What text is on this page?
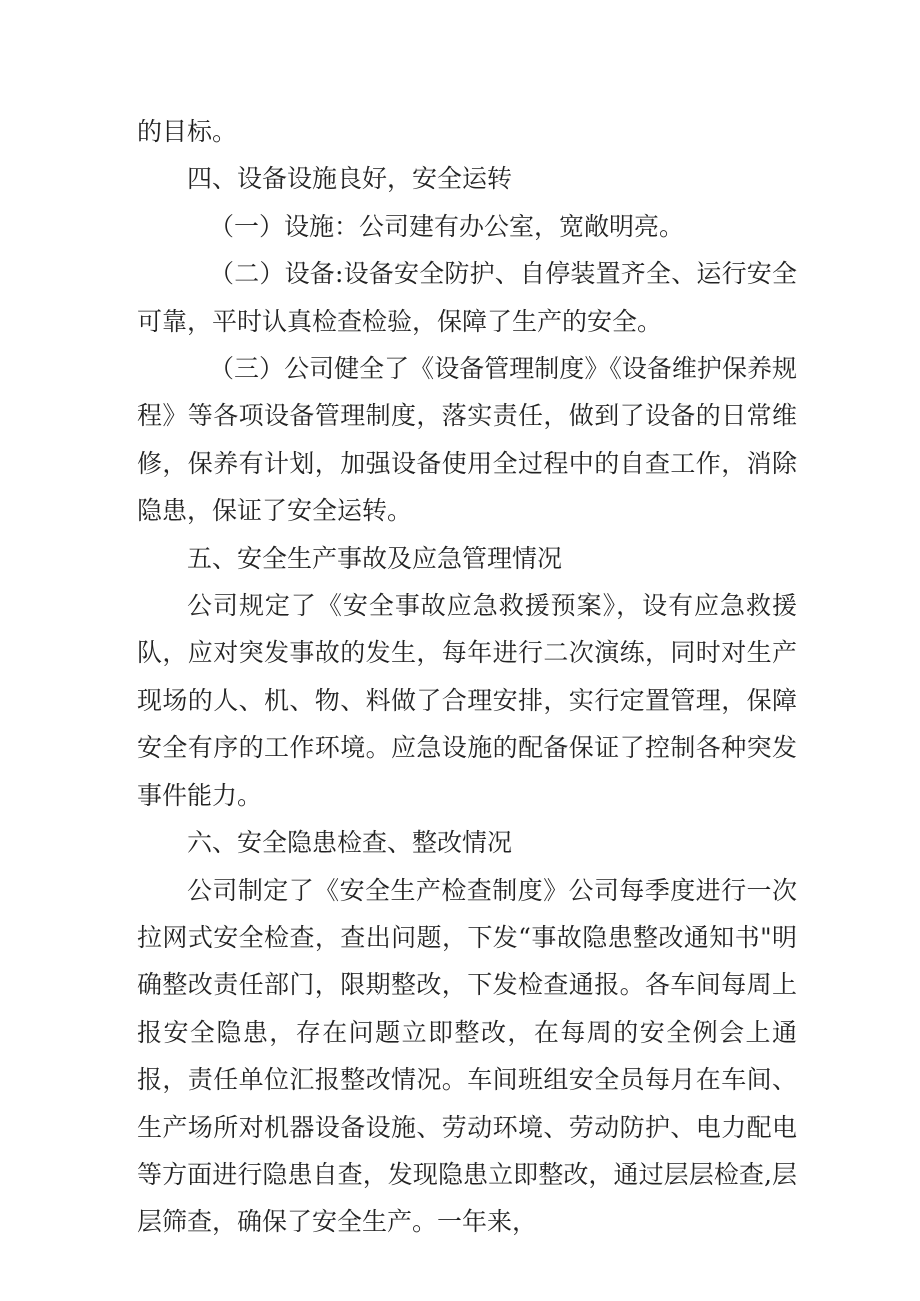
的目标。

四、设备设施良好，安全运转

（一）设施：公司建有办公室，宽敞明亮。

（二）设备:设备安全防护、自停装置齐全、运行安全可靠，平时认真检查检验，保障了生产的安全。

（三）公司健全了《设备管理制度》《设备维护保养规程》等各项设备管理制度，落实责任，做到了设备的日常维修，保养有计划，加强设备使用全过程中的自查工作，消除隐患，保证了安全运转。

五、安全生产事故及应急管理情况

公司规定了《安全事故应急救援预案》，设有应急救援队，应对突发事故的发生，每年进行二次演练，同时对生产现场的人、机、物、料做了合理安排，实行定置管理，保障安全有序的工作环境。应急设施的配备保证了控制各种突发事件能力。

六、安全隐患检查、整改情况

公司制定了《安全生产检查制度》公司每季度进行一次拉网式安全检查，查出问题，下发“事故隐患整改通知书"明确整改责任部门，限期整改，下发检查通报。各车间每周上报安全隐患，存在问题立即整改，在每周的安全例会上通报，责任单位汇报整改情况。车间班组安全员每月在车间、生产场所对机器设备设施、劳动环境、劳动防护、电力配电等方面进行隐患自查，发现隐患立即整改，通过层层检查,层层筛查，确保了安全生产。一年来，
